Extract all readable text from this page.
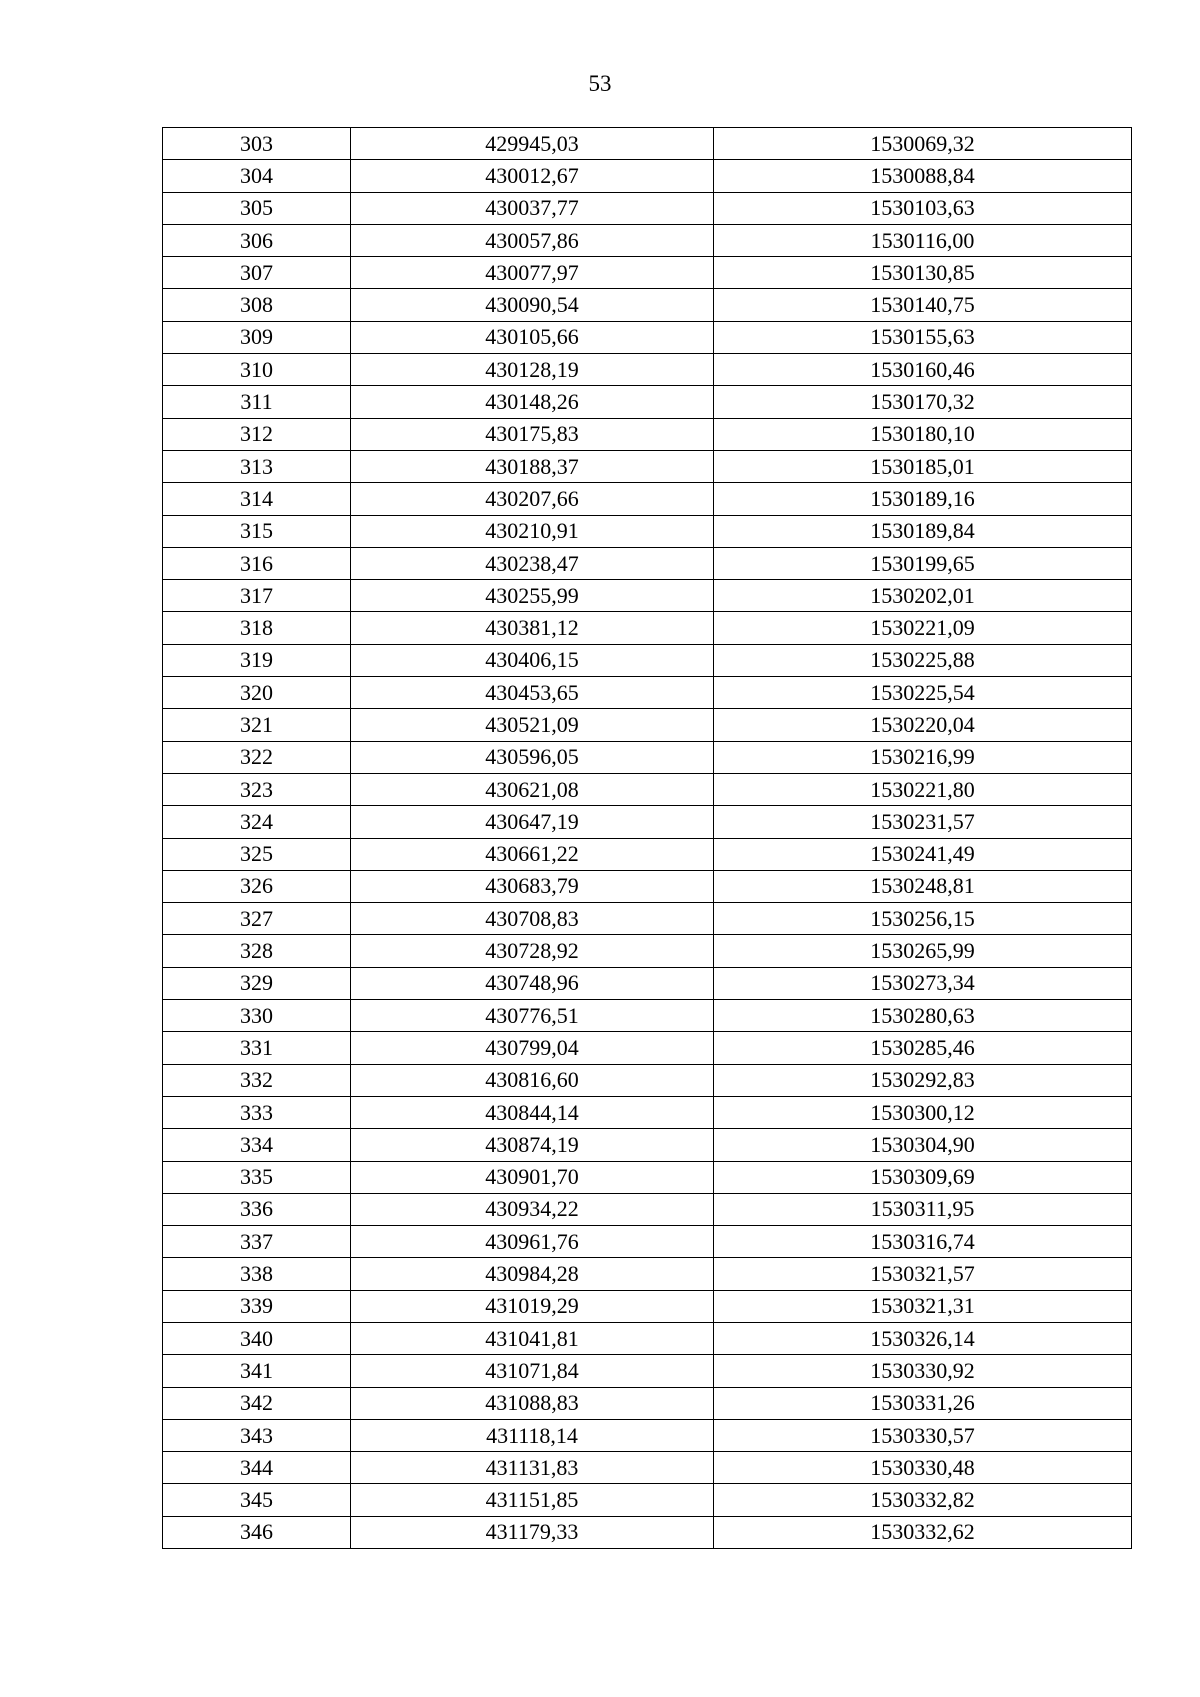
53
303	429945,03	1530069,32
304	430012,67	1530088,84
305	430037,77	1530103,63
306	430057,86	1530116,00
307	430077,97	1530130,85
308	430090,54	1530140,75
309	430105,66	1530155,63
310	430128,19	1530160,46
311	430148,26	1530170,32
312	430175,83	1530180,10
313	430188,37	1530185,01
314	430207,66	1530189,16
315	430210,91	1530189,84
316	430238,47	1530199,65
317	430255,99	1530202,01
318	430381,12	1530221,09
319	430406,15	1530225,88
320	430453,65	1530225,54
321	430521,09	1530220,04
322	430596,05	1530216,99
323	430621,08	1530221,80
324	430647,19	1530231,57
325	430661,22	1530241,49
326	430683,79	1530248,81
327	430708,83	1530256,15
328	430728,92	1530265,99
329	430748,96	1530273,34
330	430776,51	1530280,63
331	430799,04	1530285,46
332	430816,60	1530292,83
333	430844,14	1530300,12
334	430874,19	1530304,90
335	430901,70	1530309,69
336	430934,22	1530311,95
337	430961,76	1530316,74
338	430984,28	1530321,57
339	431019,29	1530321,31
340	431041,81	1530326,14
341	431071,84	1530330,92
342	431088,83	1530331,26
343	431118,14	1530330,57
344	431131,83	1530330,48
345	431151,85	1530332,82
346	431179,33	1530332,62
